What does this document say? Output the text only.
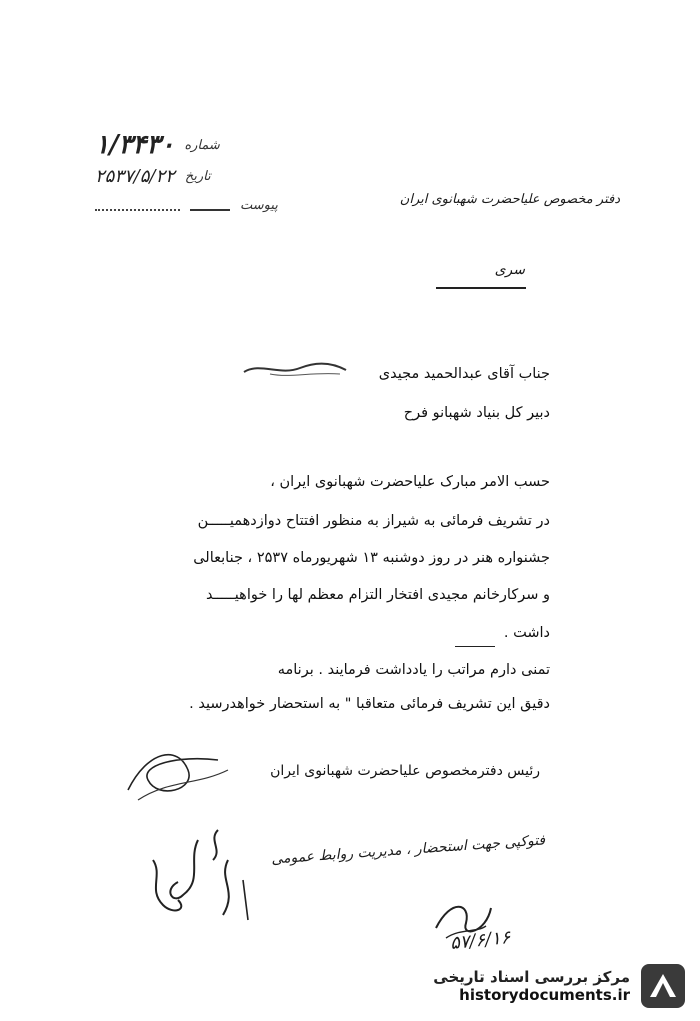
۱/۳۴۳۰ شماره
۲۵۳۷/۵/۲۲ تاریخ
پیوست	دفتر مخصوص علیاحضرت شهبانوی ایران
سری
جناب آقای عبدالحمید مجیدی
دبیر کل بنیاد شهبانو فرح
حسب الامر مبارک علیاحضرت شهبانوی ایران ،
در تشریف فرمائی به شیراز به منظور افتتاح دوازدهمیـــــن
جشنواره هنر در روز دوشنبه ۱۳ شهریورماه ۲۵۳۷ ، جنابعالی
و سرکارخانم مجیدی افتخار التزام معظم لها را خواهیـــــد
داشت .
تمنی دارم مراتب را یادداشت فرمایند . برنامه
دقیق این تشریف فرمائی متعاقبا " به استحضار خواهدرسید .
رئیس دفترمخصوص علیاحضرت شهبانوی ایران
فتوکپی جهت استحضار ، مدیریت روابط عمومی
۵۷/۶/۱۶
مرکز بررسی اسناد تاریخی
historydocuments.ir
